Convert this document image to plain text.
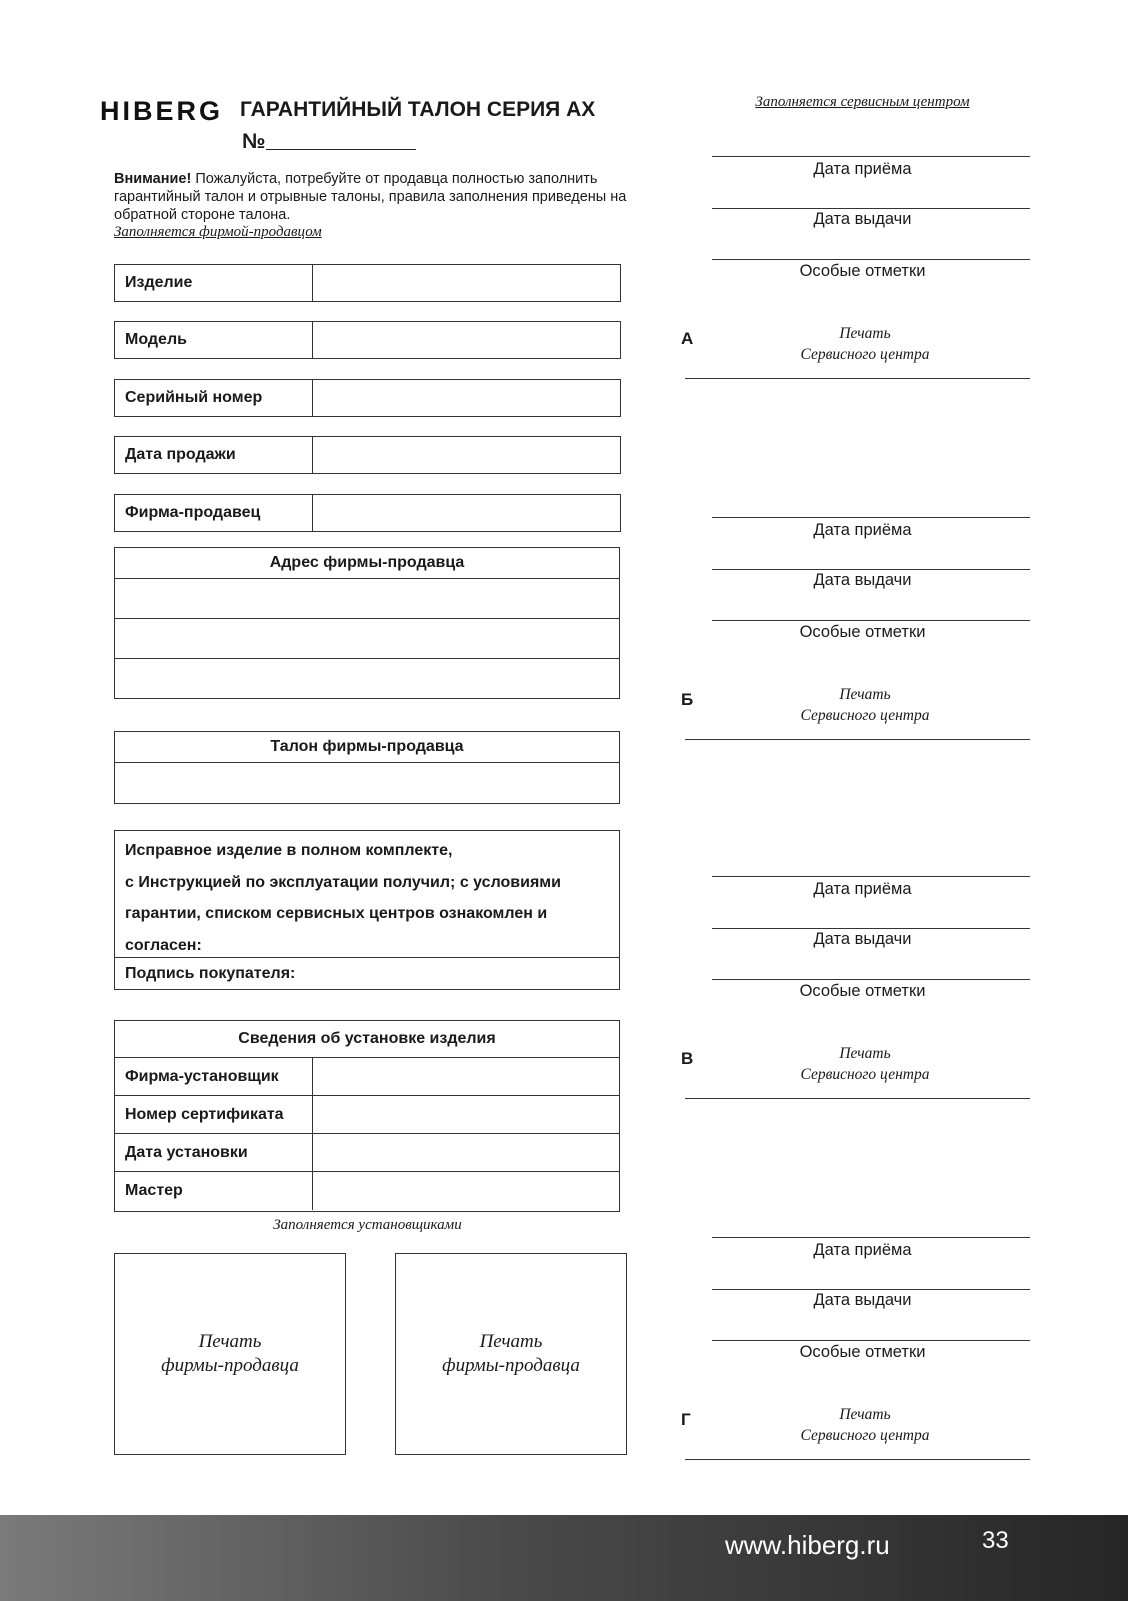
HIBERG ГАРАНТИЙНЫЙ ТАЛОН СЕРИЯ АХ
№
Внимание! Пожалуйста, потребуйте от продавца полностью заполнить гарантийный талон и отрывные талоны, правила заполнения приведены на обратной стороне талона.
Заполняется фирмой-продавцом
Изделие
Модель
Серийный номер
Дата продажи
Фирма-продавец
Адрес фирмы-продавца
Талон фирмы-продавца
Исправное изделие в полном комплекте,
с Инструкцией по эксплуатации получил; с условиями
гарантии, списком сервисных центров ознакомлен и
согласен:
Подпись покупателя:
Сведения об установке изделия
Фирма-установщик
Номер сертификата
Дата установки
Мастер
Заполняется установщиками
Печать
фирмы-продавца
Печать
фирмы-продавца
Заполняется сервисным центром
Дата приёма
Дата выдачи
Особые отметки
А	Печать
Сервисного центра
Дата приёма
Дата выдачи
Особые отметки
Б	Печать
Сервисного центра
Дата приёма
Дата выдачи
Особые отметки
В	Печать
Сервисного центра
Дата приёма
Дата выдачи
Особые отметки
Г	Печать
Сервисного центра
www.hiberg.ru	33
